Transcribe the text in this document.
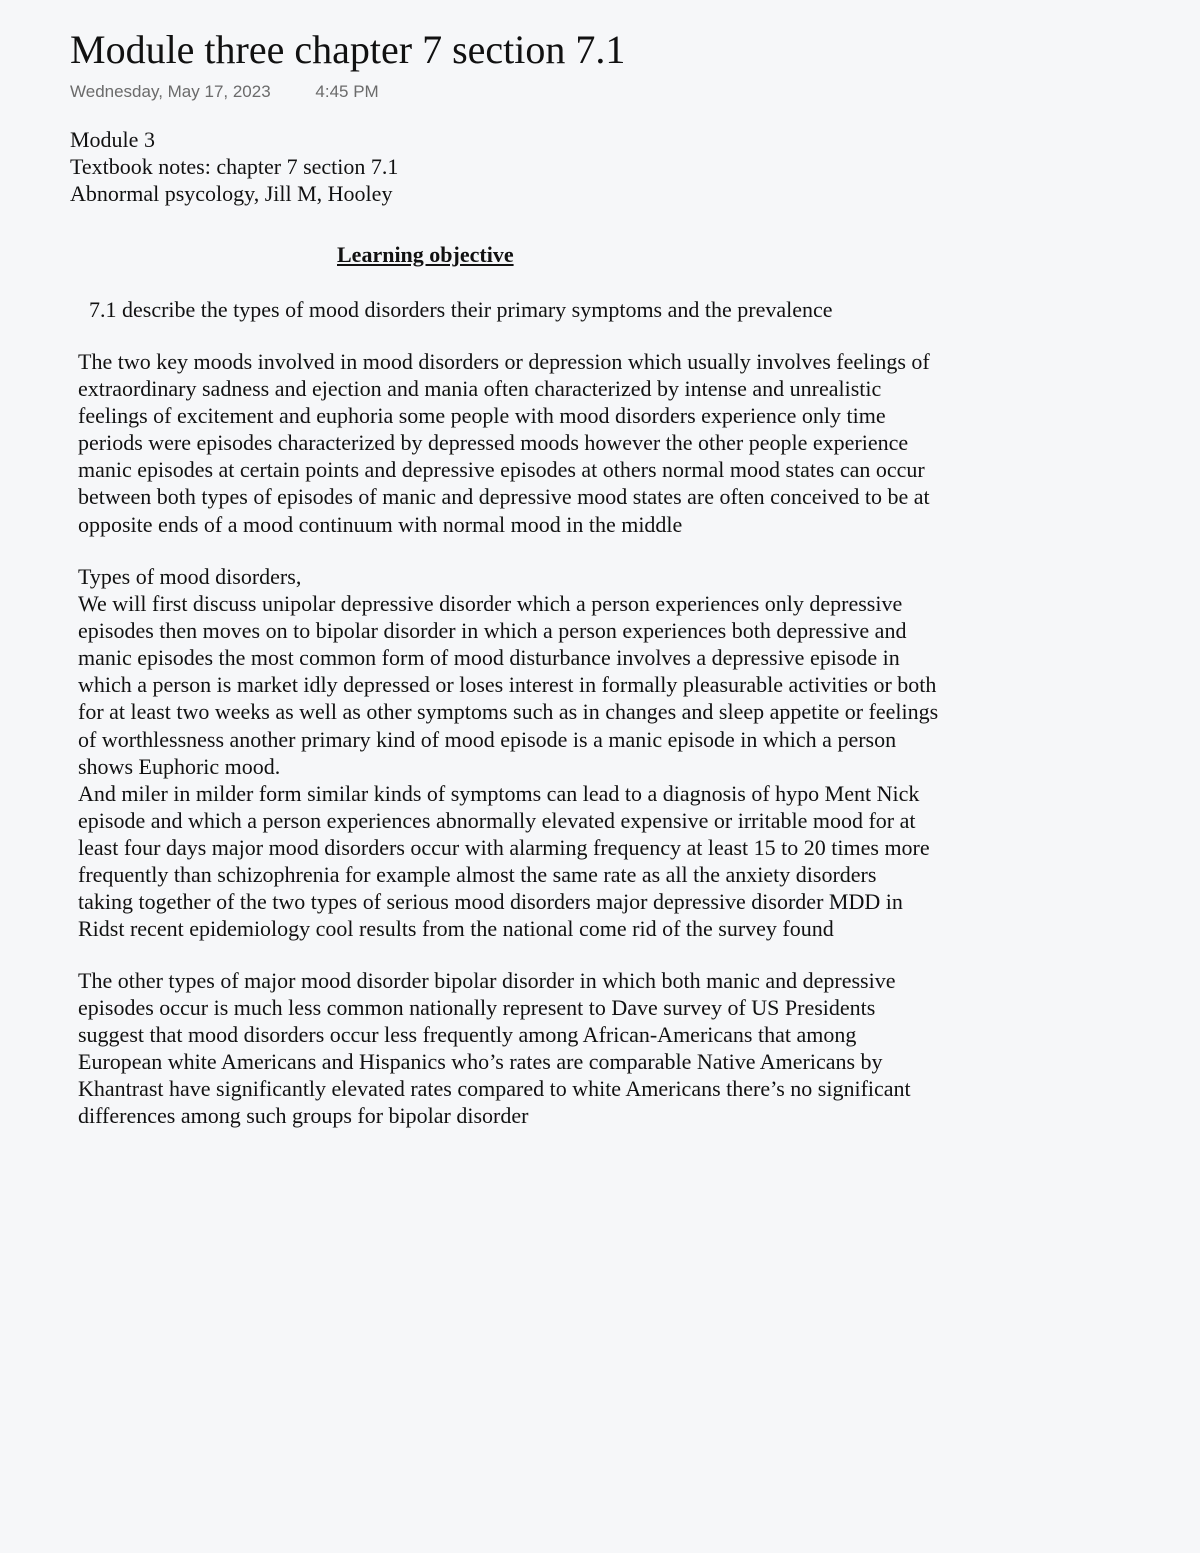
Module three chapter 7 section 7.1
Wednesday, May 17, 2023	4:45 PM
Module 3
Textbook notes: chapter 7 section 7.1
Abnormal psycology, Jill M, Hooley
Learning objective
7.1 describe the types of mood disorders their primary symptoms and the prevalence
The two key moods involved in mood disorders or depression which usually involves feelings of
extraordinary sadness and ejection and mania often characterized by intense and unrealistic
feelings of excitement and euphoria some people with mood disorders experience only time
periods were episodes characterized by depressed moods however the other people experience
manic episodes at certain points and depressive episodes at others normal mood states can occur
between both types of episodes of manic and depressive mood states are often conceived to be at
opposite ends of a mood continuum with normal mood in the middle
Types of mood disorders,
We will first discuss unipolar depressive disorder which a person experiences only depressive
episodes then moves on to bipolar disorder in which a person experiences both depressive and
manic episodes the most common form of mood disturbance involves a depressive episode in
which a person is market idly depressed or loses interest in formally pleasurable activities or both
for at least two weeks as well as other symptoms such as in changes and sleep appetite or feelings
of worthlessness another primary kind of mood episode is a manic episode in which a person
shows Euphoric mood.
And miler in milder form similar kinds of symptoms can lead to a diagnosis of hypo Ment Nick
episode and which a person experiences abnormally elevated expensive or irritable mood for at
least four days major mood disorders occur with alarming frequency at least 15 to 20 times more
frequently than schizophrenia for example almost the same rate as all the anxiety disorders
taking together of the two types of serious mood disorders major depressive disorder MDD in
Ridst recent epidemiology cool results from the national come rid of the survey found
The other types of major mood disorder bipolar disorder in which both manic and depressive
episodes occur is much less common nationally represent to Dave survey of US Presidents
suggest that mood disorders occur less frequently among African-Americans that among
European white Americans and Hispanics who’s rates are comparable Native Americans by
Khantrast have significantly elevated rates compared to white Americans there’s no significant
differences among such groups for bipolar disorder
